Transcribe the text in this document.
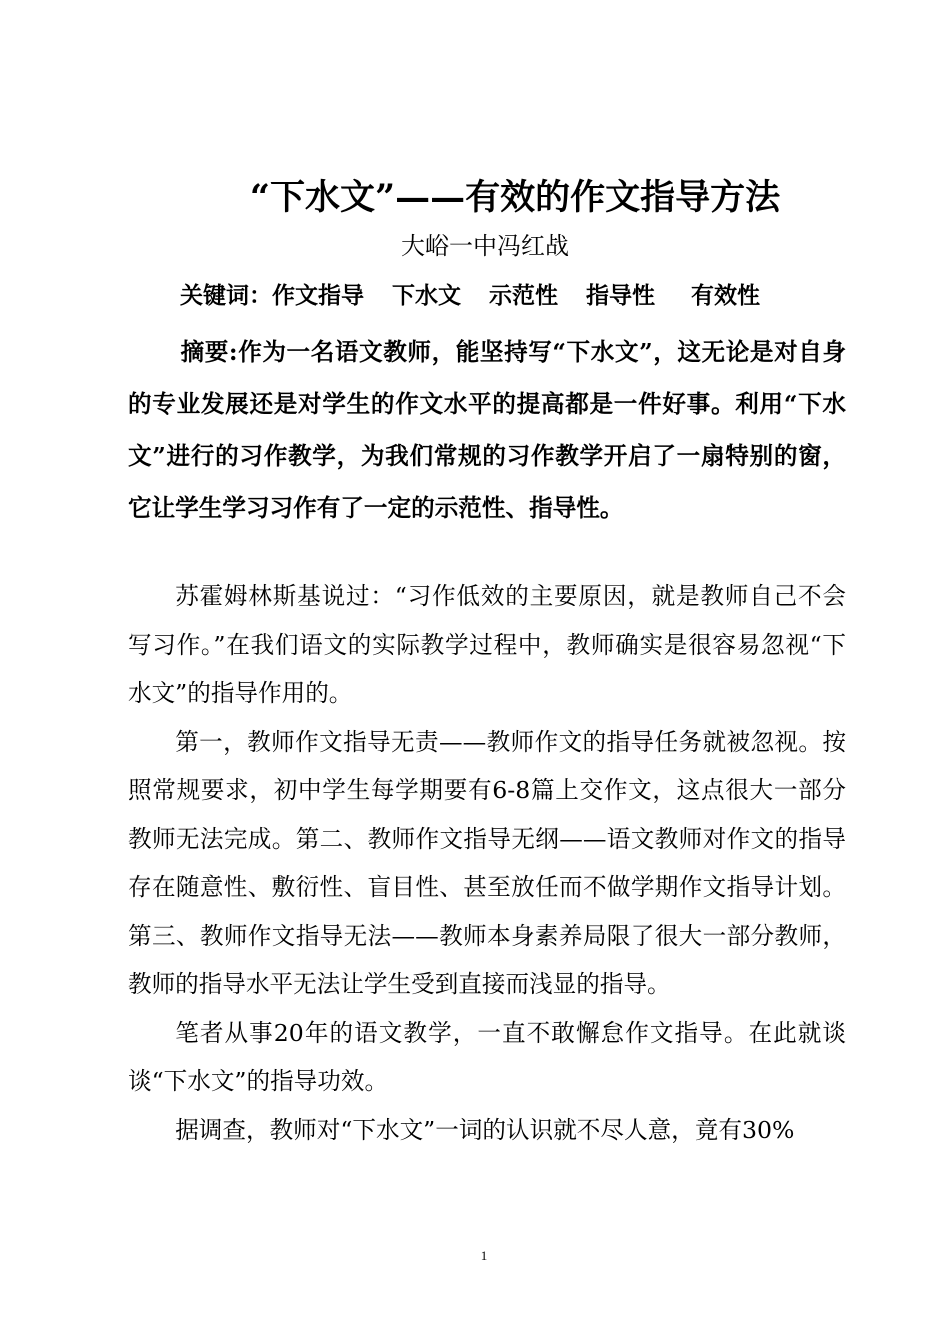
“下水文”——有效的作文指导方法
大峪一中冯红战
关键词：作文指导 下水文 示范性 指导性 有效性
摘要:作为一名语文教师，能坚持写“下水文”，这无论是对自身的专业发展还是对学生的作文水平的提高都是一件好事。利用“下水文”进行的习作教学，为我们常规的习作教学开启了一扇特别的窗，它让学生学习习作有了一定的示范性、指导性。

苏霍姆林斯基说过：“习作低效的主要原因，就是教师自己不会写习作。”在我们语文的实际教学过程中，教师确实是很容易忽视“下水文”的指导作用的。

第一，教师作文指导无责——教师作文的指导任务就被忽视。按照常规要求，初中学生每学期要有6-8篇上交作文，这点很大一部分教师无法完成。第二、教师作文指导无纲——语文教师对作文的指导存在随意性、敷衍性、盲目性、甚至放任而不做学期作文指导计划。第三、教师作文指导无法——教师本身素养局限了很大一部分教师，教师的指导水平无法让学生受到直接而浅显的指导。

笔者从事20年的语文教学，一直不敢懈怠作文指导。在此就谈谈“下水文”的指导功效。

据调查，教师对“下水文”一词的认识就不尽人意，竟有30%

1
